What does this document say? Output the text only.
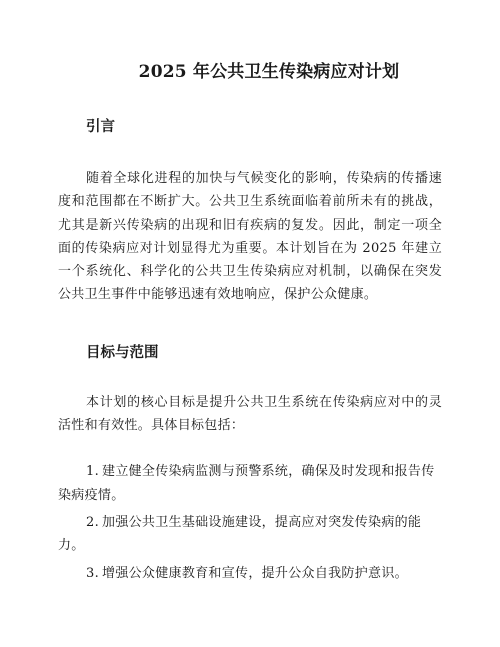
2025 年公共卫生传染病应对计划
引言

随着全球化进程的加快与气候变化的影响，传染病的传播速度和范围都在不断扩大。公共卫生系统面临着前所未有的挑战，尤其是新兴传染病的出现和旧有疾病的复发。因此，制定一项全面的传染病应对计划显得尤为重要。本计划旨在为 2025 年建立一个系统化、科学化的公共卫生传染病应对机制，以确保在突发公共卫生事件中能够迅速有效地响应，保护公众健康。

目标与范围

本计划的核心目标是提升公共卫生系统在传染病应对中的灵活性和有效性。具体目标包括：

1. 建立健全传染病监测与预警系统，确保及时发现和报告传染病疫情。
2. 加强公共卫生基础设施建设，提高应对突发传染病的能力。
3. 增强公众健康教育和宣传，提升公众自我防护意识。
